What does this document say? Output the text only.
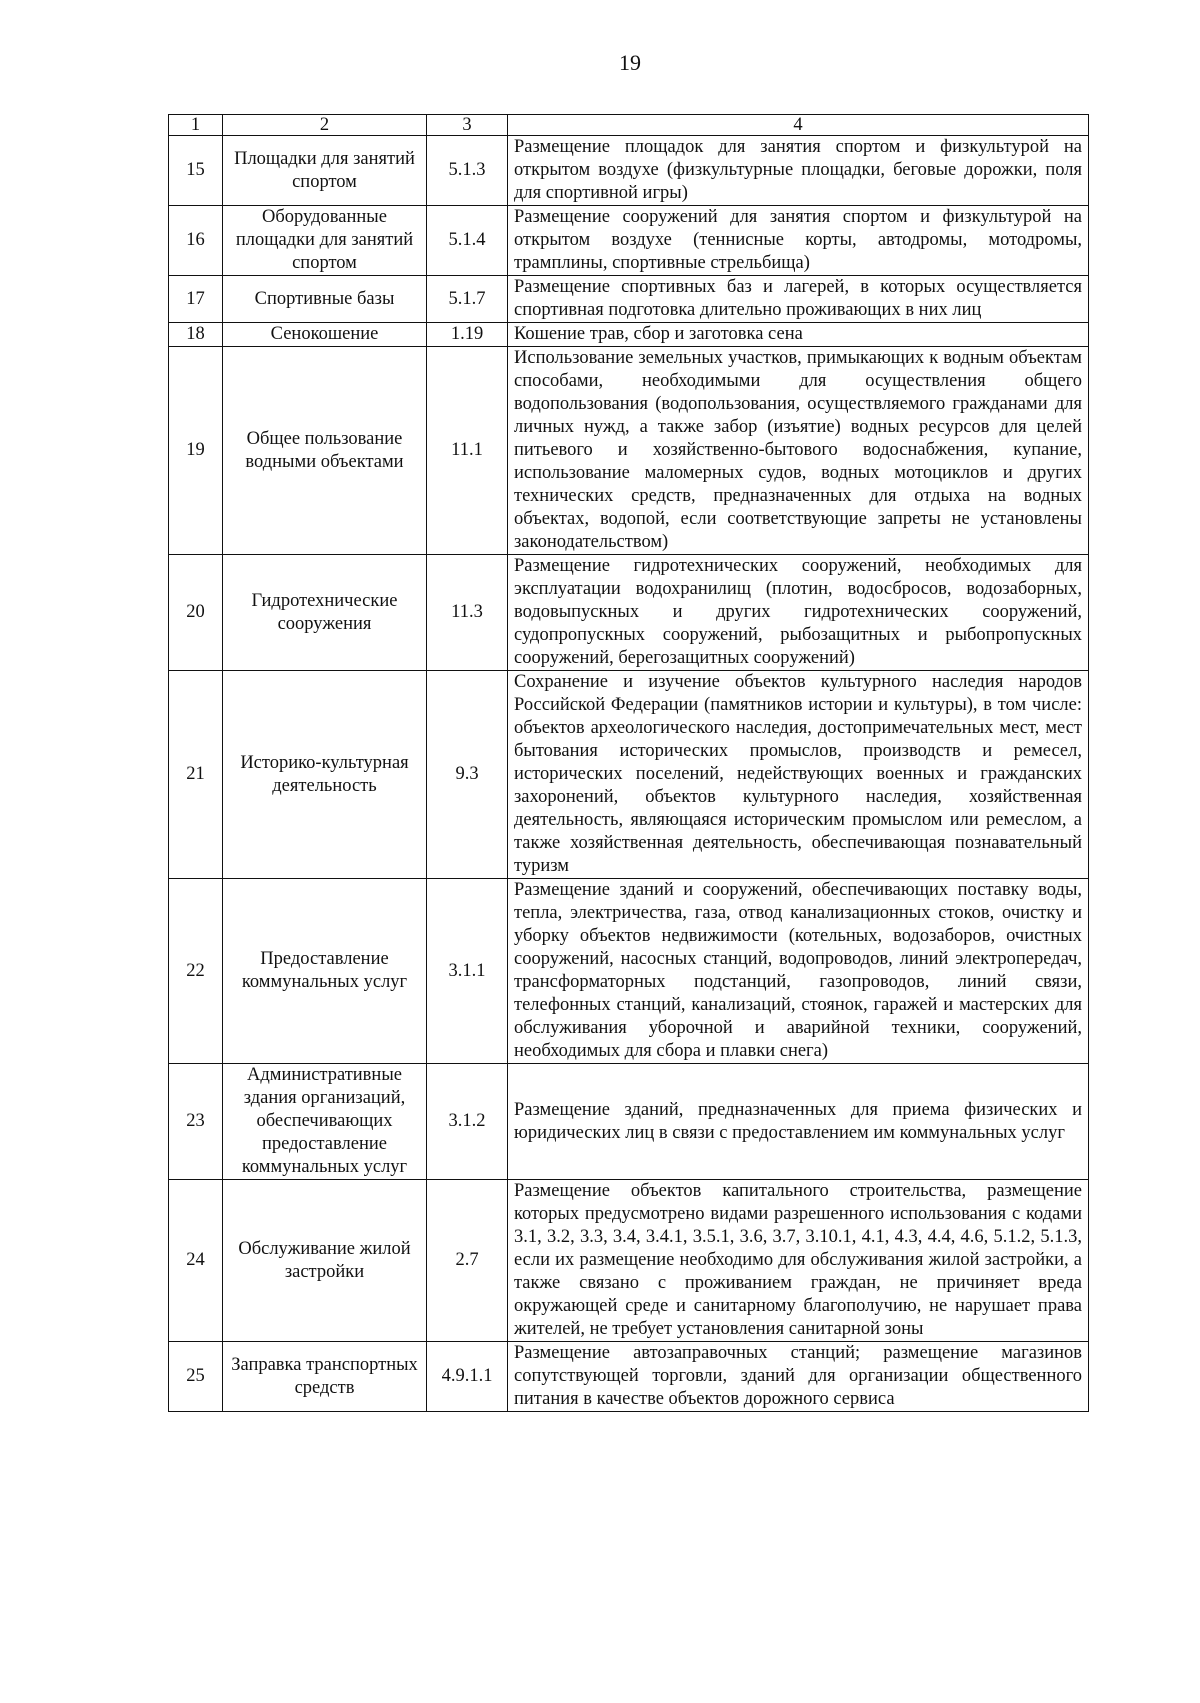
19
1	2	3	4
15	Площадки для занятий спортом	5.1.3	Размещение площадок для занятия спортом и физкультурой на открытом воздухе (физкультурные площадки, беговые дорожки, поля для спортивной игры)
16	Оборудованные площадки для занятий спортом	5.1.4	Размещение сооружений для занятия спортом и физкультурой на открытом воздухе (теннисные корты, автодромы, мотодромы, трамплины, спортивные стрельбища)
17	Спортивные базы	5.1.7	Размещение спортивных баз и лагерей, в которых осуществляется спортивная подготовка длительно проживающих в них лиц
18	Сенокошение	1.19	Кошение трав, сбор и заготовка сена
19	Общее пользование водными объектами	11.1	Использование земельных участков, примыкающих к водным объектам способами, необходимыми для осуществления общего водопользования (водопользования, осуществляемого гражданами для личных нужд, а также забор (изъятие) водных ресурсов для целей питьевого и хозяйственно-бытового водоснабжения, купание, использование маломерных судов, водных мотоциклов и других технических средств, предназначенных для отдыха на водных объектах, водопой, если соответствующие запреты не установлены законодательством)
20	Гидротехнические сооружения	11.3	Размещение гидротехнических сооружений, необходимых для эксплуатации водохранилищ (плотин, водосбросов, водозаборных, водовыпускных и других гидротехнических сооружений, судопропускных сооружений, рыбозащитных и рыбопропускных сооружений, берегозащитных сооружений)
21	Историко-культурная деятельность	9.3	Сохранение и изучение объектов культурного наследия народов Российской Федерации (памятников истории и культуры), в том числе: объектов археологического наследия, достопримечательных мест, мест бытования исторических промыслов, производств и ремесел, исторических поселений, недействующих военных и гражданских захоронений, объектов культурного наследия, хозяйственная деятельность, являющаяся историческим промыслом или ремеслом, а также хозяйственная деятельность, обеспечивающая познавательный туризм
22	Предоставление коммунальных услуг	3.1.1	Размещение зданий и сооружений, обеспечивающих поставку воды, тепла, электричества, газа, отвод канализационных стоков, очистку и уборку объектов недвижимости (котельных, водозаборов, очистных сооружений, насосных станций, водопроводов, линий электропередач, трансформаторных подстанций, газопроводов, линий связи, телефонных станций, канализаций, стоянок, гаражей и мастерских для обслуживания уборочной и аварийной техники, сооружений, необходимых для сбора и плавки снега)
23	Административные здания организаций, обеспечивающих предоставление коммунальных услуг	3.1.2	Размещение зданий, предназначенных для приема физических и юридических лиц в связи с предоставлением им коммунальных услуг
24	Обслуживание жилой застройки	2.7	Размещение объектов капитального строительства, размещение которых предусмотрено видами разрешенного использования с кодами 3.1, 3.2, 3.3, 3.4, 3.4.1, 3.5.1, 3.6, 3.7, 3.10.1, 4.1, 4.3, 4.4, 4.6, 5.1.2, 5.1.3, если их размещение необходимо для обслуживания жилой застройки, а также связано с проживанием граждан, не причиняет вреда окружающей среде и санитарному благополучию, не нарушает права жителей, не требует установления санитарной зоны
25	Заправка транспортных средств	4.9.1.1	Размещение автозаправочных станций; размещение магазинов сопутствующей торговли, зданий для организации общественного питания в качестве объектов дорожного сервиса
